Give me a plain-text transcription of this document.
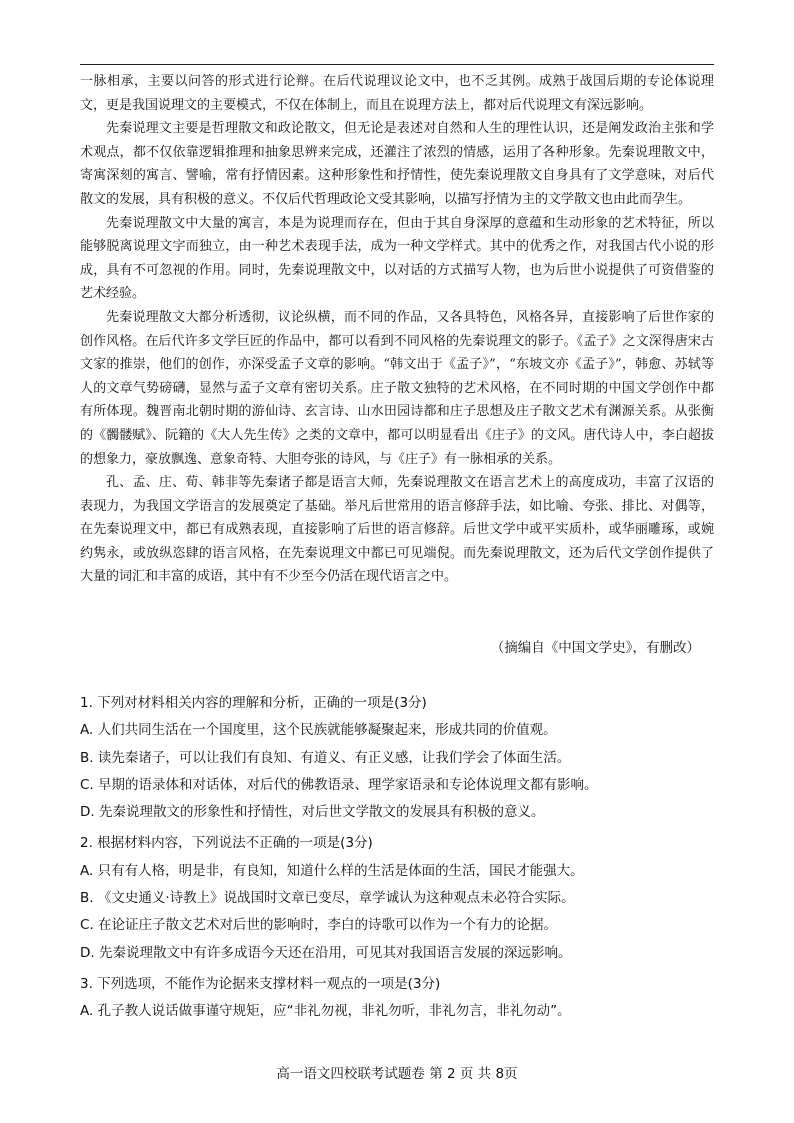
一脉相承，主要以问答的形式进行论辩。在后代说理议论文中，也不乏其例。成熟于战国后期的专论体说理文，更是我国说理文的主要模式，不仅在体制上，而且在说理方法上，都对后代说理文有深远影响。

先秦说理文主要是哲理散文和政论散文，但无论是表述对自然和人生的理性认识，还是阐发政治主张和学术观点，都不仅依靠逻辑推理和抽象思辨来完成，还灌注了浓烈的情感，运用了各种形象。先秦说理散文中，寄寓深刻的寓言、譬喻，常有抒情因素。这种形象性和抒情性，使先秦说理散文自身具有了文学意味，对后代散文的发展，具有积极的意义。不仅后代哲理政论文受其影响，以描写抒情为主的文学散文也由此而孕生。

先秦说理散文中大量的寓言，本是为说理而存在，但由于其自身深厚的意蕴和生动形象的艺术特征，所以能够脱离说理文字而独立，由一种艺术表现手法，成为一种文学样式。其中的优秀之作，对我国古代小说的形成，具有不可忽视的作用。同时，先秦说理散文中，以对话的方式描写人物，也为后世小说提供了可资借鉴的艺术经验。

先秦说理散文大都分析透彻，议论纵横，而不同的作品，又各具特色，风格各异，直接影响了后世作家的创作风格。在后代许多文学巨匠的作品中，都可以看到不同风格的先秦说理文的影子。《孟子》之文深得唐宋古文家的推崇，他们的创作，亦深受孟子文章的影响。“韩文出于《孟子》”，“东坡文亦《孟子》”，韩愈、苏轼等人的文章气势磅礴，显然与孟子文章有密切关系。庄子散文独特的艺术风格，在不同时期的中国文学创作中都有所体现。魏晋南北朝时期的游仙诗、玄言诗、山水田园诗都和庄子思想及庄子散文艺术有渊源关系。从张衡的《髑髅赋》、阮籍的《大人先生传》之类的文章中，都可以明显看出《庄子》的文风。唐代诗人中，李白超拔的想象力，豪放飘逸、意象奇特、大胆夸张的诗风，与《庄子》有一脉相承的关系。

孔、孟、庄、荀、韩非等先秦诸子都是语言大师，先秦说理散文在语言艺术上的高度成功，丰富了汉语的表现力，为我国文学语言的发展奠定了基础。举凡后世常用的语言修辞手法，如比喻、夸张、排比、对偶等，在先秦说理文中，都已有成熟表现，直接影响了后世的语言修辞。后世文学中或平实质朴，或华丽雕琢，或婉约隽永，或放纵恣肆的语言风格，在先秦说理文中都已可见端倪。而先秦说理散文，还为后代文学创作提供了大量的词汇和丰富的成语，其中有不少至今仍活在现代语言之中。

（摘编自《中国文学史》，有删改）
1. 下列对材料相关内容的理解和分析，正确的一项是(3分)
A. 人们共同生活在一个国度里，这个民族就能够凝聚起来，形成共同的价值观。
B. 读先秦诸子，可以让我们有良知、有道义、有正义感，让我们学会了体面生活。
C. 早期的语录体和对话体，对后代的佛教语录、理学家语录和专论体说理文都有影响。
D. 先秦说理散文的形象性和抒情性，对后世文学散文的发展具有积极的意义。
2. 根据材料内容，下列说法不正确的一项是(3分)
A. 只有有人格，明是非，有良知，知道什么样的生活是体面的生活，国民才能强大。
B. 《文史通义·诗教上》说战国时文章已变尽，章学诚认为这种观点未必符合实际。
C. 在论证庄子散文艺术对后世的影响时，李白的诗歌可以作为一个有力的论据。
D. 先秦说理散文中有许多成语今天还在沿用，可见其对我国语言发展的深远影响。
3. 下列选项，不能作为论据来支撑材料一观点的一项是(3分)
A. 孔子教人说话做事谨守规矩，应“非礼勿视，非礼勿听，非礼勿言，非礼勿动”。
高一语文四校联考试题卷 第 2 页 共 8页
